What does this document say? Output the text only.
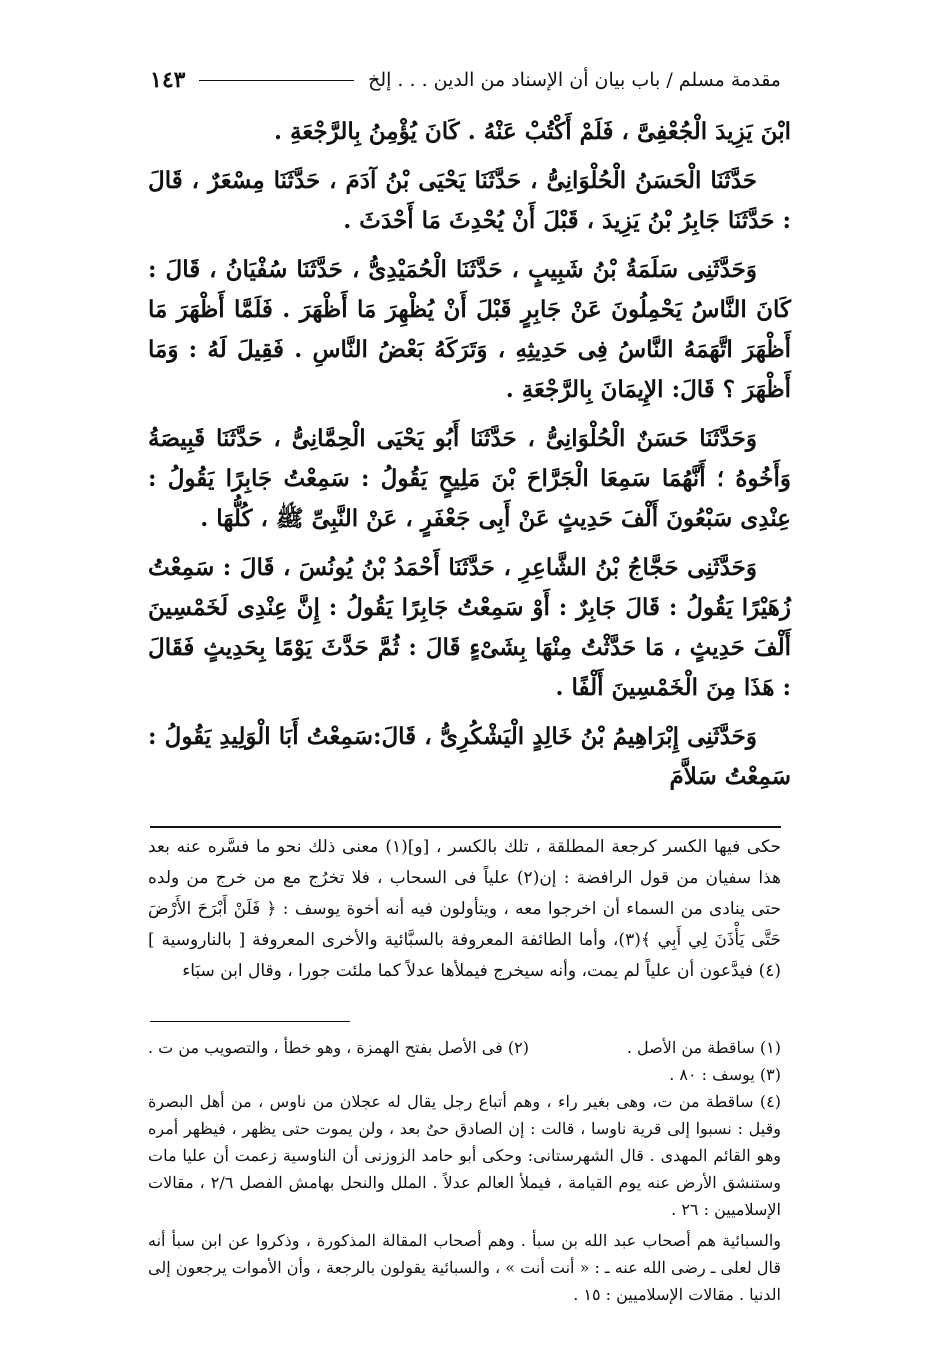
مقدمة مسلم / باب بيان أن الإسناد من الدين . . . إلخ
١٤٣

ابْنَ يَزِيدَ الْجُعْفِىَّ ، فَلَمْ أَكْتُبْ عَنْهُ . كَانَ يُؤْمِنُ بِالرَّجْعَةِ .

حَدَّثَنَا الْحَسَنُ الْحُلْوَانِىُّ ، حَدَّثَنَا يَحْيَى بْنُ آدَمَ ، حَدَّثَنَا مِسْعَرٌ ، قَالَ : حَدَّثَنَا جَابِرُ بْنُ يَزِيدَ ، قَبْلَ أَنْ يُحْدِثَ مَا أَحْدَثَ .

وَحَدَّثَنِى سَلَمَةُ بْنُ شَبِيبٍ ، حَدَّثَنَا الْحُمَيْدِىُّ ، حَدَّثَنَا سُفْيَانُ ، قَالَ : كَانَ النَّاسُ يَحْمِلُونَ عَنْ جَابِرٍ قَبْلَ أَنْ يُظْهِرَ مَا أَظْهَرَ . فَلَمَّا أَظْهَرَ مَا أَظْهَرَ اتَّهَمَهُ النَّاسُ فِى حَدِيثِهِ ، وَتَرَكَهُ بَعْضُ النَّاسِ . فَقِيلَ لَهُ : وَمَا أَظْهَرَ ؟ قَالَ: الإِيمَانَ بِالرَّجْعَةِ .

وَحَدَّثَنَا حَسَنٌ الْحُلْوَانِىُّ ، حَدَّثَنَا أَبُو يَحْيَى الْحِمَّانِىُّ ، حَدَّثَنَا قَبِيصَةُ وَأَخُوهُ ؛ أَنَّهُمَا سَمِعَا الْجَرَّاحَ بْنَ مَلِيحٍ يَقُولُ : سَمِعْتُ جَابِرًا يَقُولُ : عِنْدِى سَبْعُونَ أَلْفَ حَدِيثٍ عَنْ أَبِى جَعْفَرٍ ، عَنْ النَّبِىِّ ﷺ ، كُلُّهَا .

وَحَدَّثَنِى حَجَّاجُ بْنُ الشَّاعِرِ ، حَدَّثَنَا أَحْمَدُ بْنُ يُونُسَ ، قَالَ : سَمِعْتُ زُهَيْرًا يَقُولُ : قَالَ جَابِرٌ : أَوْ سَمِعْتُ جَابِرًا يَقُولُ : إِنَّ عِنْدِى لَخَمْسِينَ أَلْفَ حَدِيثٍ ، مَا حَدَّثْتُ مِنْهَا بِشَىْءٍ قَالَ : ثُمَّ حَدَّثَ يَوْمًا بِحَدِيثٍ فَقَالَ : هَذَا مِنَ الْخَمْسِينَ أَلْفًا .

وَحَدَّثَنِى إِبْرَاهِيمُ بْنُ خَالِدٍ الْيَشْكُرِىُّ ، قَالَ:سَمِعْتُ أَبَا الْوَلِيدِ يَقُولُ : سَمِعْتُ سَلاَّمَ

حكى فيها الكسر كرجعة المطلقة ، تلك بالكسر ، [و](١) معنى ذلك نحو ما فسَّره عنه بعد هذا سفيان من قول الرافضة : إن(٢) علياً فى السحاب ، فلا تخرُج مع من خرج من ولده حتى ينادى من السماء أن اخرجوا معه ، ويتأولون فيه أنه أخوة يوسف : ﴿ فَلَنْ أَبْرَحَ الأَرْضَ حَتَّى يَأْذَنَ لِي أَبِي ﴾(٣)، وأما الطائفة المعروفة بالسبَّائية والأخرى المعروفة [ بالناروسية ](٤) فيدَّعون أن علياً لم يمت، وأنه سيخرج فيملأها عدلاً كما ملئت جورا ، وقال ابن سبَاء

(١) ساقطة من الأصل .
(٢) فى الأصل بفتح الهمزة ، وهو خطأ ، والتصويب من ت .

(٣) يوسف : ٨٠ .

(٤) ساقطة من ت، وهى بغير راء ، وهم أتباع رجل يقال له عجلان من ناوس ، من أهل البصرة وقيل : نسبوا إلى قرية ناوسا ، قالت : إن الصادق حىٌ بعد ، ولن يموت حتى يظهر ، فيظهر أمره وهو القائم المهدى . قال الشهرستانى: وحكى أبو حامد الزوزنى أن الناوسية زعمت أن عليا مات وستنشق الأرض عنه يوم القيامة ، فيملأ العالم عدلاً . الملل والنحل بهامش الفصل ٢/٦ ، مقالات الإسلاميين : ٢٦ .

والسبائية هم أصحاب عبد الله بن سبأ . وهم أصحاب المقالة المذكورة ، وذكروا عن ابن سبأ أنه قال لعلى ـ رضى الله عنه ـ : « أنت أنت » ، والسبائية يقولون بالرجعة ، وأن الأموات يرجعون إلى الدنيا . مقالات الإسلاميين : ١٥ .
